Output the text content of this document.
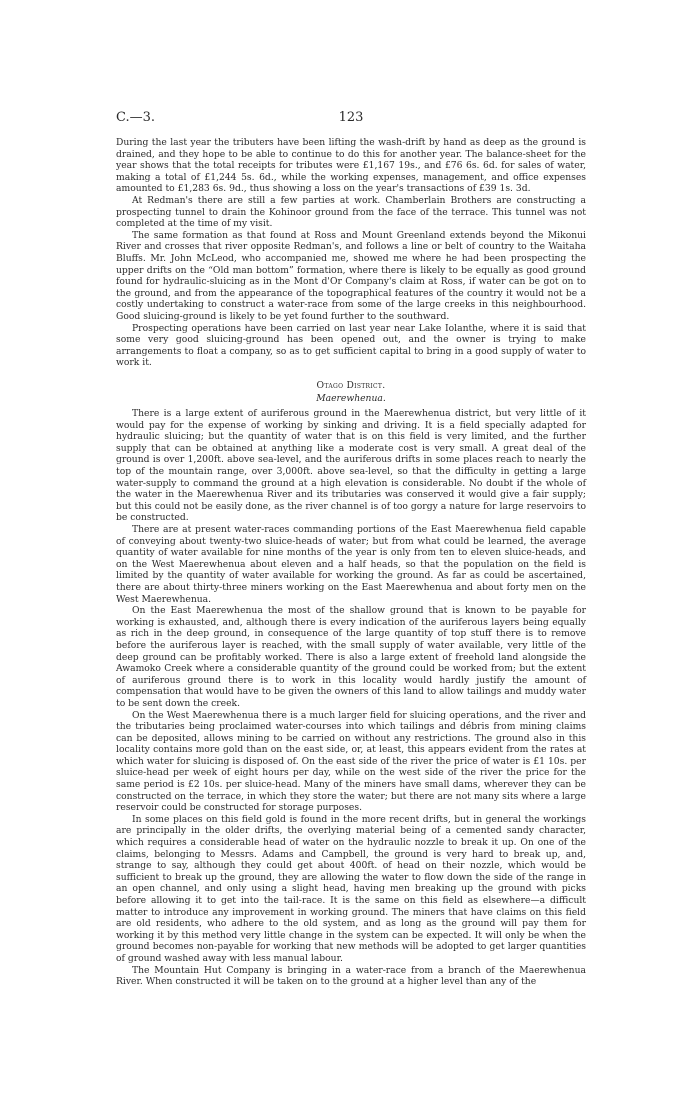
C.—3.	123

During the last year the tributers have been lifting the wash-drift by hand as deep as the ground is drained, and they hope to be able to continue to do this for another year. The balance-sheet for the year shows that the total receipts for tributes were £1,167 19s., and £76 6s. 6d. for sales of water, making a total of £1,244 5s. 6d., while the working expenses, management, and office expenses amounted to £1,283 6s. 9d., thus showing a loss on the year's transactions of £39 1s. 3d.

At Redman's there are still a few parties at work. Chamberlain Brothers are constructing a prospecting tunnel to drain the Kohinoor ground from the face of the terrace. This tunnel was not completed at the time of my visit.

The same formation as that found at Ross and Mount Greenland extends beyond the Mikonui River and crosses that river opposite Redman's, and follows a line or belt of country to the Waitaha Bluffs. Mr. John McLeod, who accompanied me, showed me where he had been prospecting the upper drifts on the “Old man bottom” formation, where there is likely to be equally as good ground found for hydraulic-sluicing as in the Mont d'Or Company's claim at Ross, if water can be got on to the ground, and from the appearance of the topographical features of the country it would not be a costly undertaking to construct a water-race from some of the large creeks in this neighbourhood. Good sluicing-ground is likely to be yet found further to the southward.

Prospecting operations have been carried on last year near Lake Iolanthe, where it is said that some very good sluicing-ground has been opened out, and the owner is trying to make arrangements to float a company, so as to get sufficient capital to bring in a good supply of water to work it.

Otago District.
Maerewhenua.

There is a large extent of auriferous ground in the Maerewhenua district, but very little of it would pay for the expense of working by sinking and driving. It is a field specially adapted for hydraulic sluicing; but the quantity of water that is on this field is very limited, and the further supply that can be obtained at anything like a moderate cost is very small. A great deal of the ground is over 1,200ft. above sea-level, and the auriferous drifts in some places reach to nearly the top of the mountain range, over 3,000ft. above sea-level, so that the difficulty in getting a large water-supply to command the ground at a high elevation is considerable. No doubt if the whole of the water in the Maerewhenua River and its tributaries was conserved it would give a fair supply; but this could not be easily done, as the river channel is of too gorgy a nature for large reservoirs to be constructed.

There are at present water-races commanding portions of the East Maerewhenua field capable of conveying about twenty-two sluice-heads of water; but from what could be learned, the average quantity of water available for nine months of the year is only from ten to eleven sluice-heads, and on the West Maerewhenua about eleven and a half heads, so that the population on the field is limited by the quantity of water available for working the ground. As far as could be ascertained, there are about thirty-three miners working on the East Maerewhenua and about forty men on the West Maerewhenua.

On the East Maerewhenua the most of the shallow ground that is known to be payable for working is exhausted, and, although there is every indication of the auriferous layers being equally as rich in the deep ground, in consequence of the large quantity of top stuff there is to remove before the auriferous layer is reached, with the small supply of water available, very little of the deep ground can be profitably worked. There is also a large extent of freehold land alongside the Awamoko Creek where a considerable quantity of the ground could be worked from; but the extent of auriferous ground there is to work in this locality would hardly justify the amount of compensation that would have to be given the owners of this land to allow tailings and muddy water to be sent down the creek.

On the West Maerewhenua there is a much larger field for sluicing operations, and the river and the tributaries being proclaimed water-courses into which tailings and débris from mining claims can be deposited, allows mining to be carried on without any restrictions. The ground also in this locality contains more gold than on the east side, or, at least, this appears evident from the rates at which water for sluicing is disposed of. On the east side of the river the price of water is £1 10s. per sluice-head per week of eight hours per day, while on the west side of the river the price for the same period is £2 10s. per sluice-head. Many of the miners have small dams, wherever they can be constructed on the terrace, in which they store the water; but there are not many sits where a large reservoir could be constructed for storage purposes.

In some places on this field gold is found in the more recent drifts, but in general the workings are principally in the older drifts, the overlying material being of a cemented sandy character, which requires a considerable head of water on the hydraulic nozzle to break it up. On one of the claims, belonging to Messrs. Adams and Campbell, the ground is very hard to break up, and, strange to say, although they could get about 400ft. of head on their nozzle, which would be sufficient to break up the ground, they are allowing the water to flow down the side of the range in an open channel, and only using a slight head, having men breaking up the ground with picks before allowing it to get into the tail-race. It is the same on this field as elsewhere—a difficult matter to introduce any improvement in working ground. The miners that have claims on this field are old residents, who adhere to the old system, and as long as the ground will pay them for working it by this method very little change in the system can be expected. It will only be when the ground becomes non-payable for working that new methods will be adopted to get larger quantities of ground washed away with less manual labour.

The Mountain Hut Company is bringing in a water-race from a branch of the Maerewhenua River. When constructed it will be taken on to the ground at a higher level than any of the
